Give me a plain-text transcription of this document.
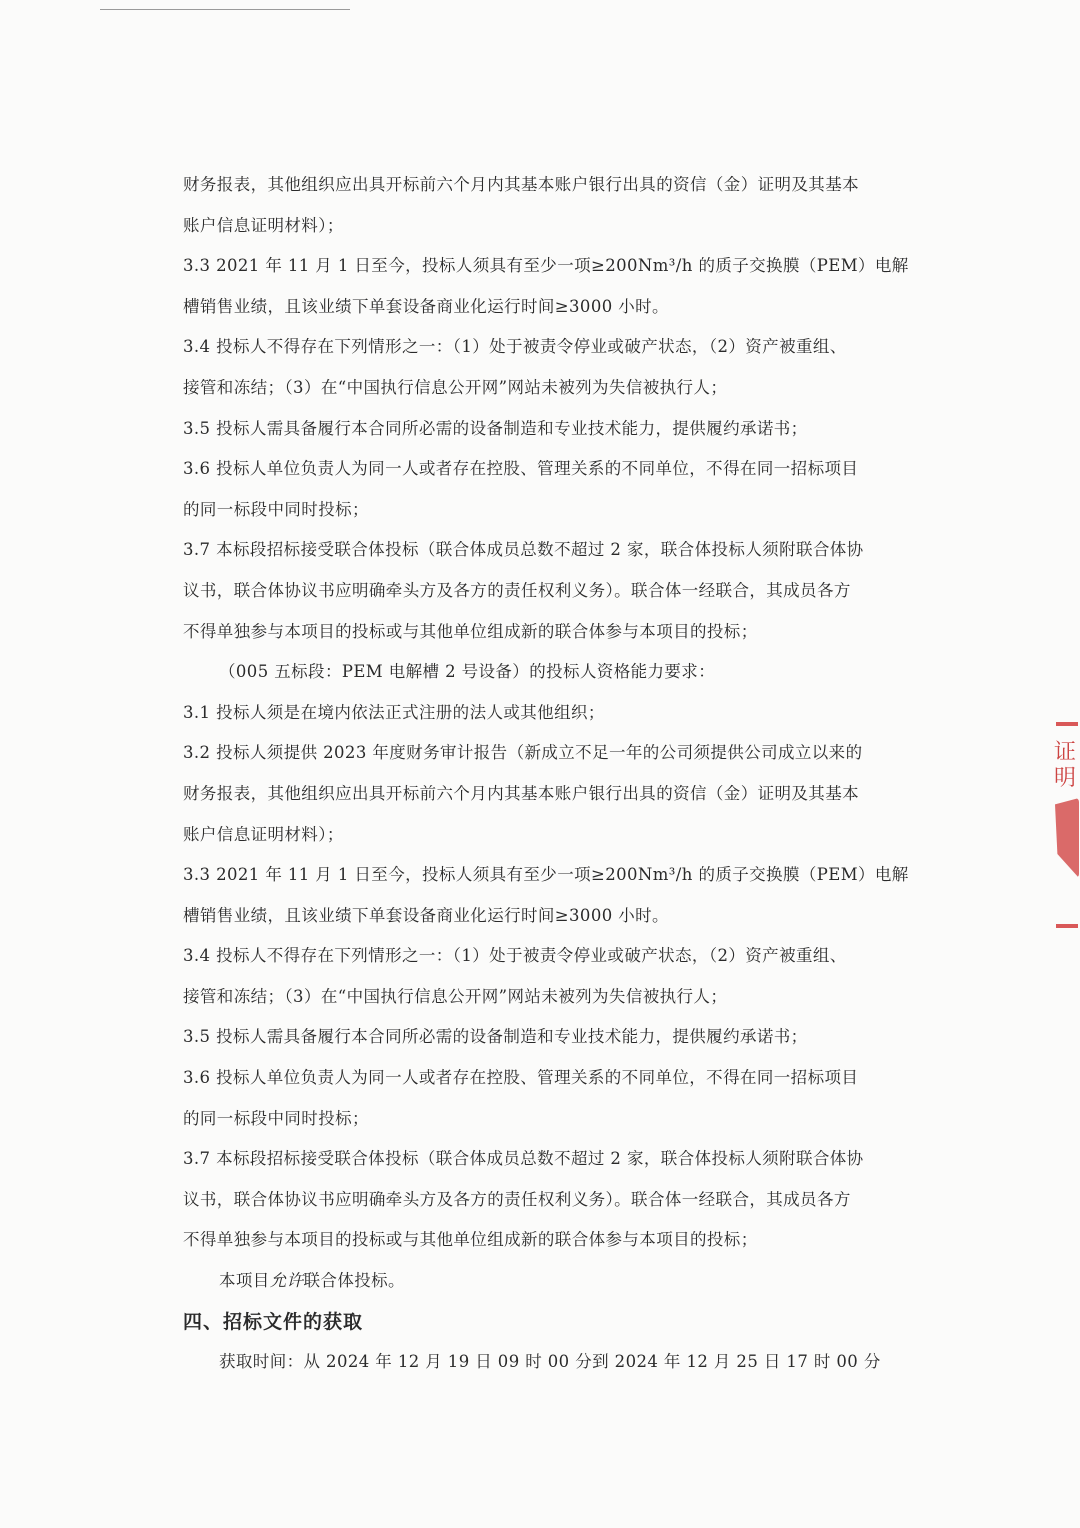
财务报表，其他组织应出具开标前六个月内其基本账户银行出具的资信（金）证明及其基本
账户信息证明材料）；
3.3 2021 年 11 月 1 日至今，投标人须具有至少一项≥200Nm³/h 的质子交换膜（PEM）电解
槽销售业绩，且该业绩下单套设备商业化运行时间≥3000 小时。
3.4 投标人不得存在下列情形之一：（1）处于被责令停业或破产状态，（2）资产被重组、
接管和冻结；（3）在“中国执行信息公开网”网站未被列为失信被执行人；
3.5 投标人需具备履行本合同所必需的设备制造和专业技术能力，提供履约承诺书；
3.6 投标人单位负责人为同一人或者存在控股、管理关系的不同单位，不得在同一招标项目
的同一标段中同时投标；
3.7 本标段招标接受联合体投标（联合体成员总数不超过 2 家，联合体投标人须附联合体协
议书，联合体协议书应明确牵头方及各方的责任权利义务）。联合体一经联合，其成员各方
不得单独参与本项目的投标或与其他单位组成新的联合体参与本项目的投标；
（005 五标段：PEM 电解槽 2 号设备）的投标人资格能力要求：
3.1 投标人须是在境内依法正式注册的法人或其他组织；
3.2 投标人须提供 2023 年度财务审计报告（新成立不足一年的公司须提供公司成立以来的
财务报表，其他组织应出具开标前六个月内其基本账户银行出具的资信（金）证明及其基本
账户信息证明材料）；
3.3 2021 年 11 月 1 日至今，投标人须具有至少一项≥200Nm³/h 的质子交换膜（PEM）电解
槽销售业绩，且该业绩下单套设备商业化运行时间≥3000 小时。
3.4 投标人不得存在下列情形之一：（1）处于被责令停业或破产状态，（2）资产被重组、
接管和冻结；（3）在“中国执行信息公开网”网站未被列为失信被执行人；
3.5 投标人需具备履行本合同所必需的设备制造和专业技术能力，提供履约承诺书；
3.6 投标人单位负责人为同一人或者存在控股、管理关系的不同单位，不得在同一招标项目
的同一标段中同时投标；
3.7 本标段招标接受联合体投标（联合体成员总数不超过 2 家，联合体投标人须附联合体协
议书，联合体协议书应明确牵头方及各方的责任权利义务）。联合体一经联合，其成员各方
不得单独参与本项目的投标或与其他单位组成新的联合体参与本项目的投标；
本项目允许联合体投标。
四、招标文件的获取
获取时间：从 2024 年 12 月 19 日 09 时 00 分到 2024 年 12 月 25 日 17 时 00 分
证明
